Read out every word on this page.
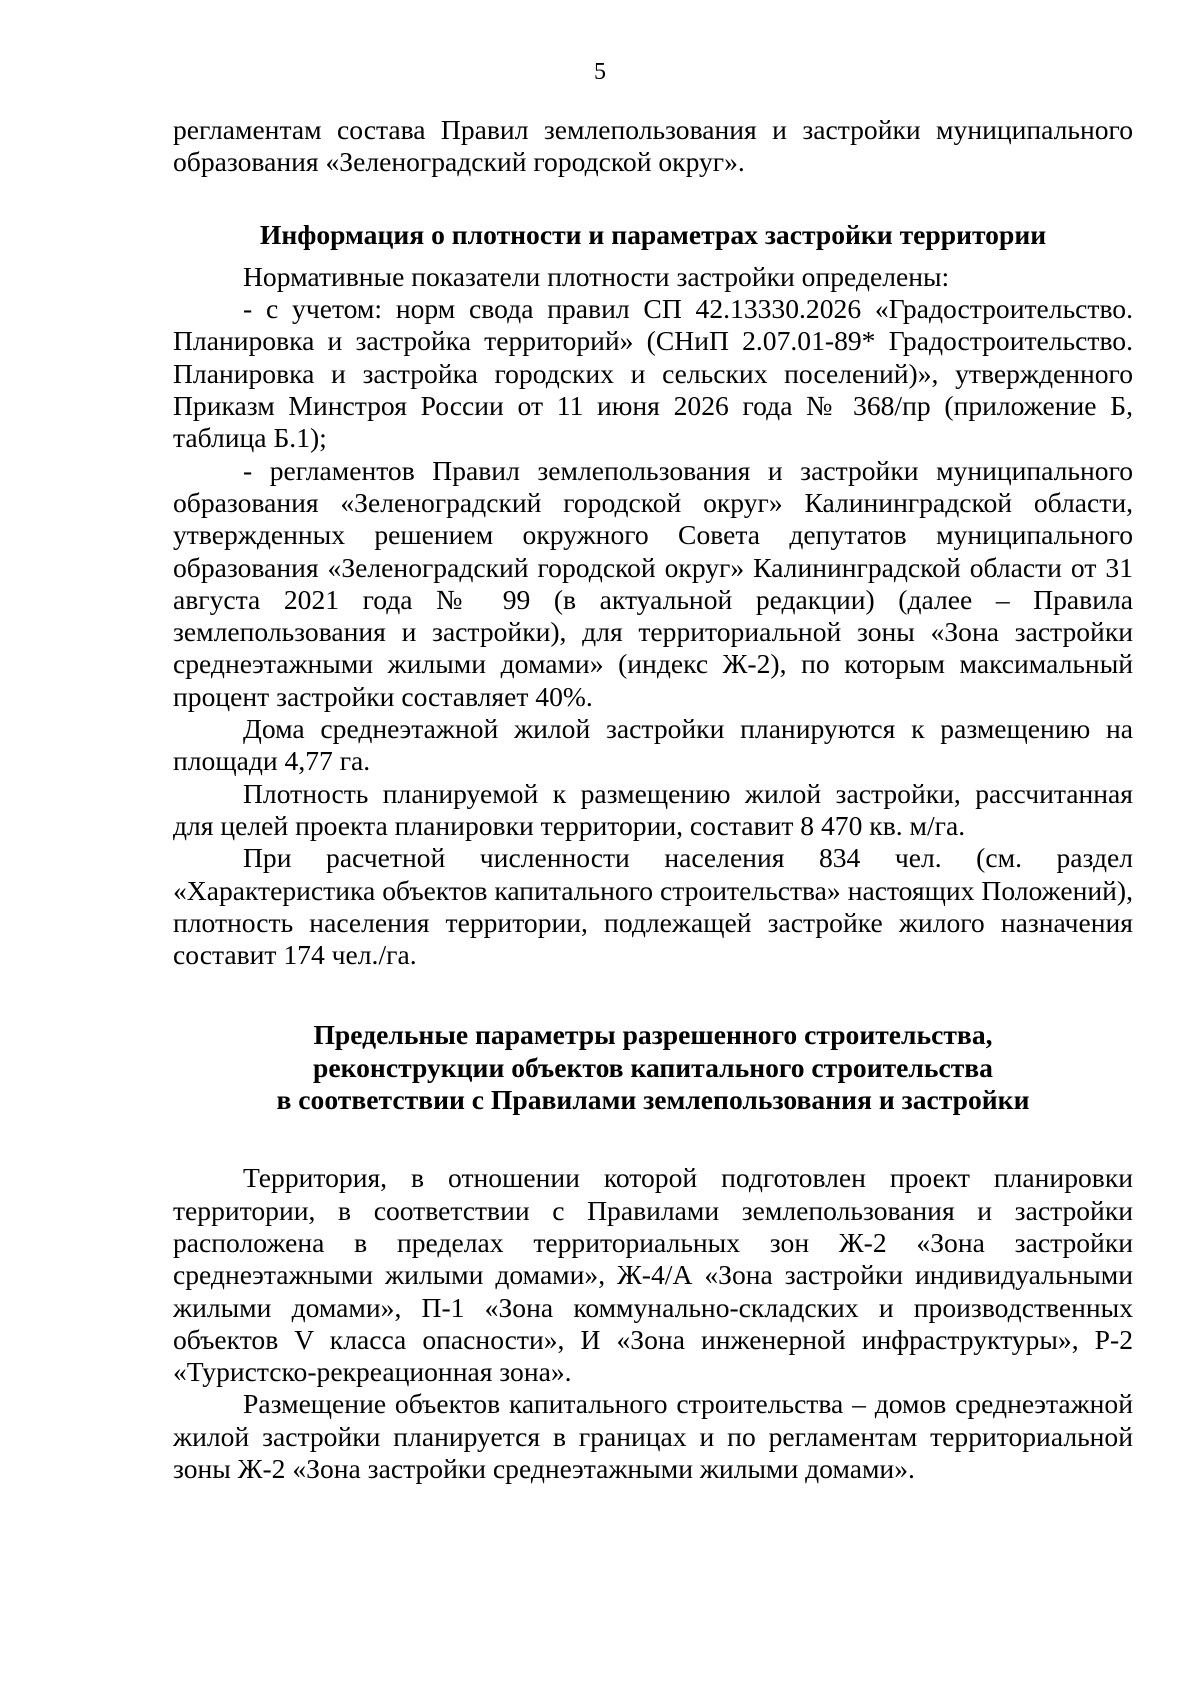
5

регламентам состава Правил землепользования и застройки муниципального образования «Зеленоградский городской округ».

Информация о плотности и параметрах застройки территории

Нормативные показатели плотности застройки определены:

- с учетом: норм свода правил СП 42.13330.2026 «Градостроительство. Планировка и застройка территорий» (СНиП 2.07.01-89* Градостроительство. Планировка и застройка городских и сельских поселений)», утвержденного Приказм Минстроя России от 11 июня 2026 года № 368/пр (приложение Б, таблица Б.1);

- регламентов Правил землепользования и застройки муниципального образования «Зеленоградский городской округ» Калининградской области, утвержденных решением окружного Совета депутатов муниципального образования «Зеленоградский городской округ» Калининградской области от 31 августа 2021 года № 99 (в актуальной редакции) (далее – Правила землепользования и застройки), для территориальной зоны «Зона застройки среднеэтажными жилыми домами» (индекс Ж-2), по которым максимальный процент застройки составляет 40%.

Дома среднеэтажной жилой застройки планируются к размещению на площади 4,77 га.

Плотность планируемой к размещению жилой застройки, рассчитанная для целей проекта планировки территории, составит 8 470 кв. м/га.

При расчетной численности населения 834 чел. (см. раздел «Характеристика объектов капитального строительства» настоящих Положений), плотность населения территории, подлежащей застройке жилого назначения составит 174 чел./га.

Предельные параметры разрешенного строительства,
реконструкции объектов капитального строительства
в соответствии с Правилами землепользования и застройки

Территория, в отношении которой подготовлен проект планировки территории, в соответствии с Правилами землепользования и застройки расположена в пределах территориальных зон Ж-2 «Зона застройки среднеэтажными жилыми домами», Ж-4/А «Зона застройки индивидуальными жилыми домами», П-1 «Зона коммунально-складских и производственных объектов V класса опасности», И «Зона инженерной инфраструктуры», Р-2 «Туристско-рекреационная зона».

Размещение объектов капитального строительства – домов среднеэтажной жилой застройки планируется в границах и по регламентам территориальной зоны Ж-2 «Зона застройки среднеэтажными жилыми домами».
